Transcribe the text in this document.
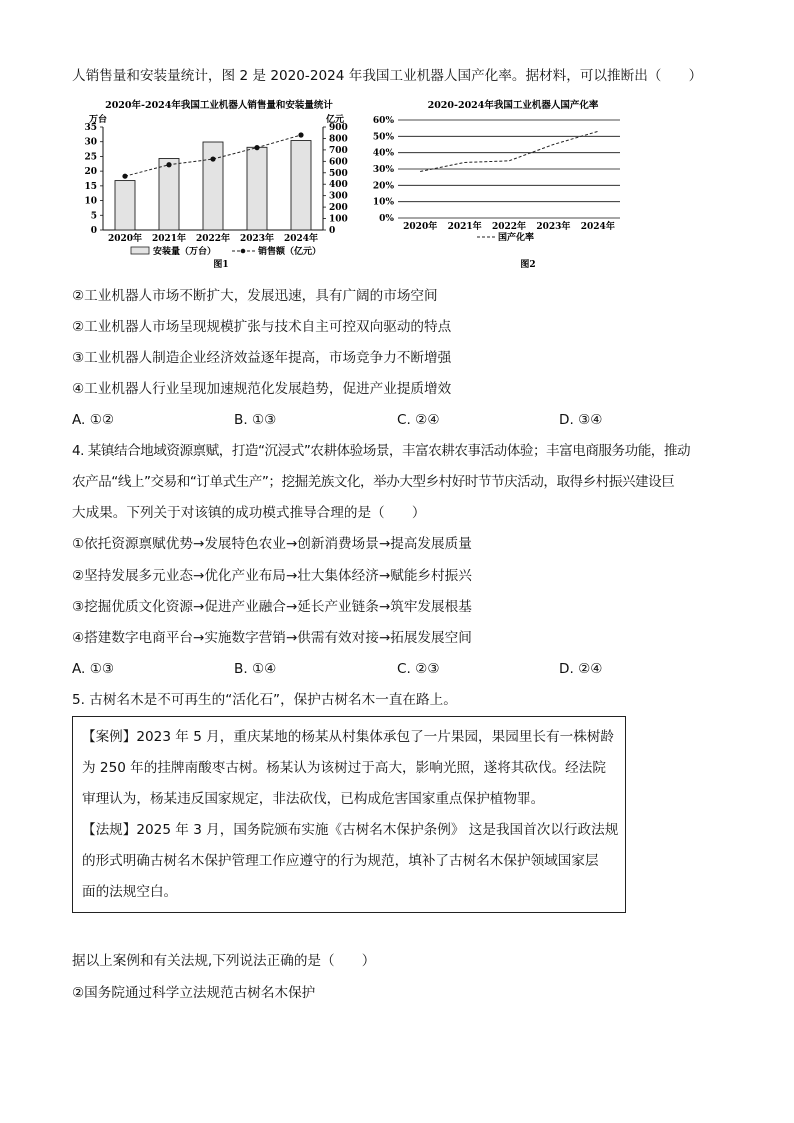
人销售量和安装量统计，图 2 是 2020-2024 年我国工业机器人国产化率。据材料，可以推断出（　　）
2020年-2024年我国工业机器人销售量和安装量统计
万台	亿元
0
5
10
15
20
25
30
35
0
100
200
300
400
500
600
700
800
900
2020年 2021年 2022年 2023年 2024年
安装量（万台）	销售额（亿元）
图1
2020-2024年我国工业机器人国产化率
0%
10%
20%
30%
40%
50%
60%
2020年 2021年 2022年 2023年 2024年
国产化率
图2
②工业机器人市场不断扩大，发展迅速，具有广阔的市场空间
②工业机器人市场呈现规模扩张与技术自主可控双向驱动的特点
③工业机器人制造企业经济效益逐年提高，市场竞争力不断增强
④工业机器人行业呈现加速规范化发展趋势，促进产业提质增效
A. ①②	B. ①③	C. ②④	D. ③④
4. 某镇结合地域资源禀赋，打造“沉浸式”农耕体验场景，丰富农耕农事活动体验；丰富电商服务功能，推动
农产品“线上”交易和“订单式生产”；挖掘羌族文化，举办大型乡村好时节节庆活动，取得乡村振兴建设巨
大成果。下列关于对该镇的成功模式推导合理的是（　　）
①依托资源禀赋优势→发展特色农业→创新消费场景→提高发展质量
②坚持发展多元业态→优化产业布局→壮大集体经济→赋能乡村振兴
③挖掘优质文化资源→促进产业融合→延长产业链条→筑牢发展根基
④搭建数字电商平台→实施数字营销→供需有效对接→拓展发展空间
A. ①③	B. ①④	C. ②③	D. ②④
5. 古树名木是不可再生的“活化石”，保护古树名木一直在路上。
【案例】2023 年 5 月，重庆某地的杨某从村集体承包了一片果园，果园里长有一株树龄
为 250 年的挂牌南酸枣古树。杨某认为该树过于高大，影响光照，遂将其砍伐。经法院
审理认为，杨某违反国家规定，非法砍伐，已构成危害国家重点保护植物罪。
【法规】2025 年 3 月，国务院颁布实施《古树名木保护条例》 这是我国首次以行政法规
的形式明确古树名木保护管理工作应遵守的行为规范，填补了古树名木保护领域国家层
面的法规空白。
据以上案例和有关法规,下列说法正确的是（　　）
②国务院通过科学立法规范古树名木保护
